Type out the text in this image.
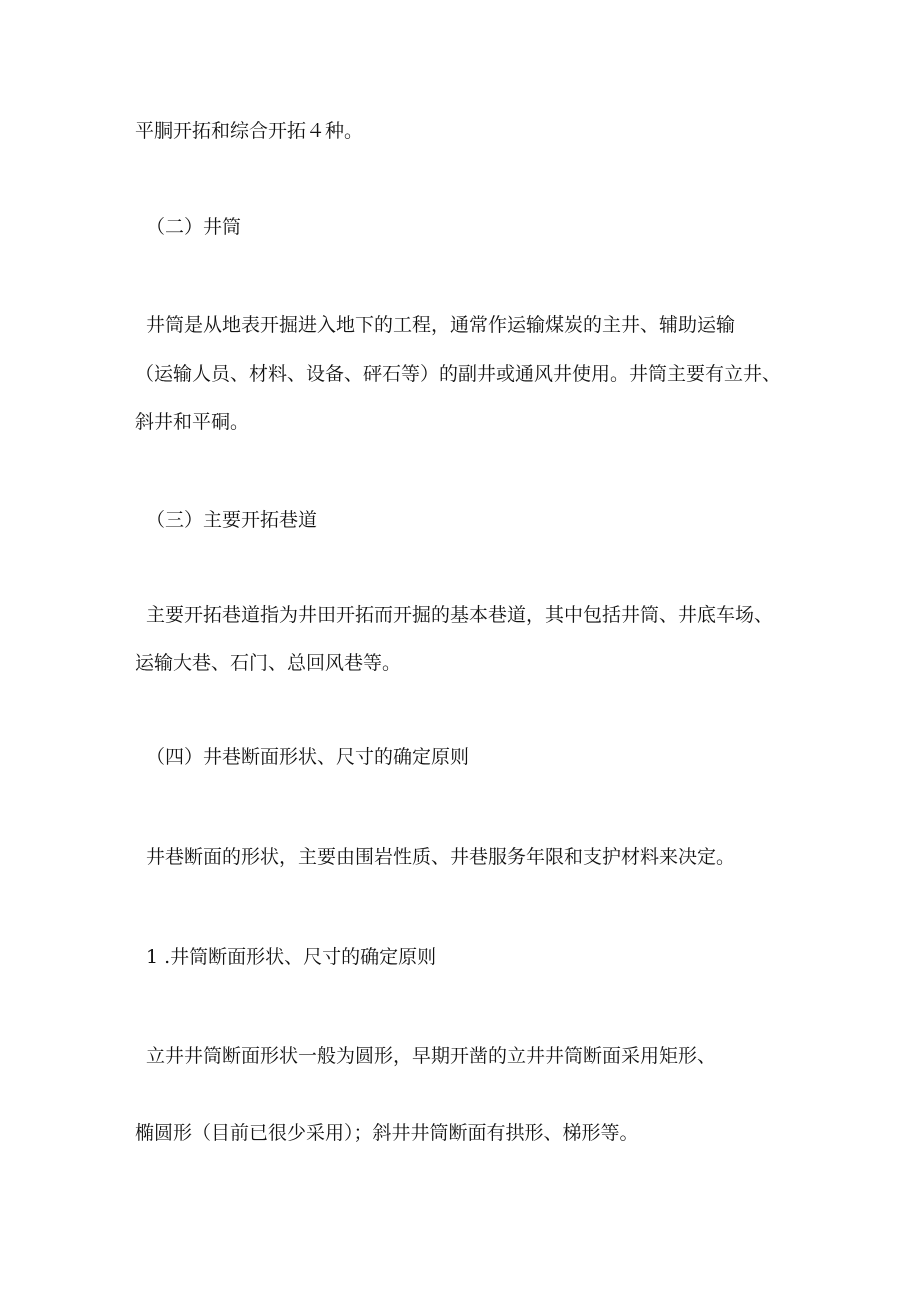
平胴开拓和综合开拓４种。
（二）井筒
井筒是从地表开掘进入地下的工程，通常作运输煤炭的主井、辅助运输
（运输人员、材料、设备、砰石等）的副井或通风井使用。井筒主要有立井、
斜井和平硐。
（三）主要开拓巷道
主要开拓巷道指为井田开拓而开掘的基本巷道，其中包括井筒、井底车场、
运输大巷、石门、总回风巷等。
（四）井巷断面形状、尺寸的确定原则
井巷断面的形状，主要由围岩性质、井巷服务年限和支护材料来决定。
1 .井筒断面形状、尺寸的确定原则
立井井筒断面形状一般为圆形，早期开凿的立井井筒断面采用矩形、
椭圆形（目前已很少采用）；斜井井筒断面有拱形、梯形等。
